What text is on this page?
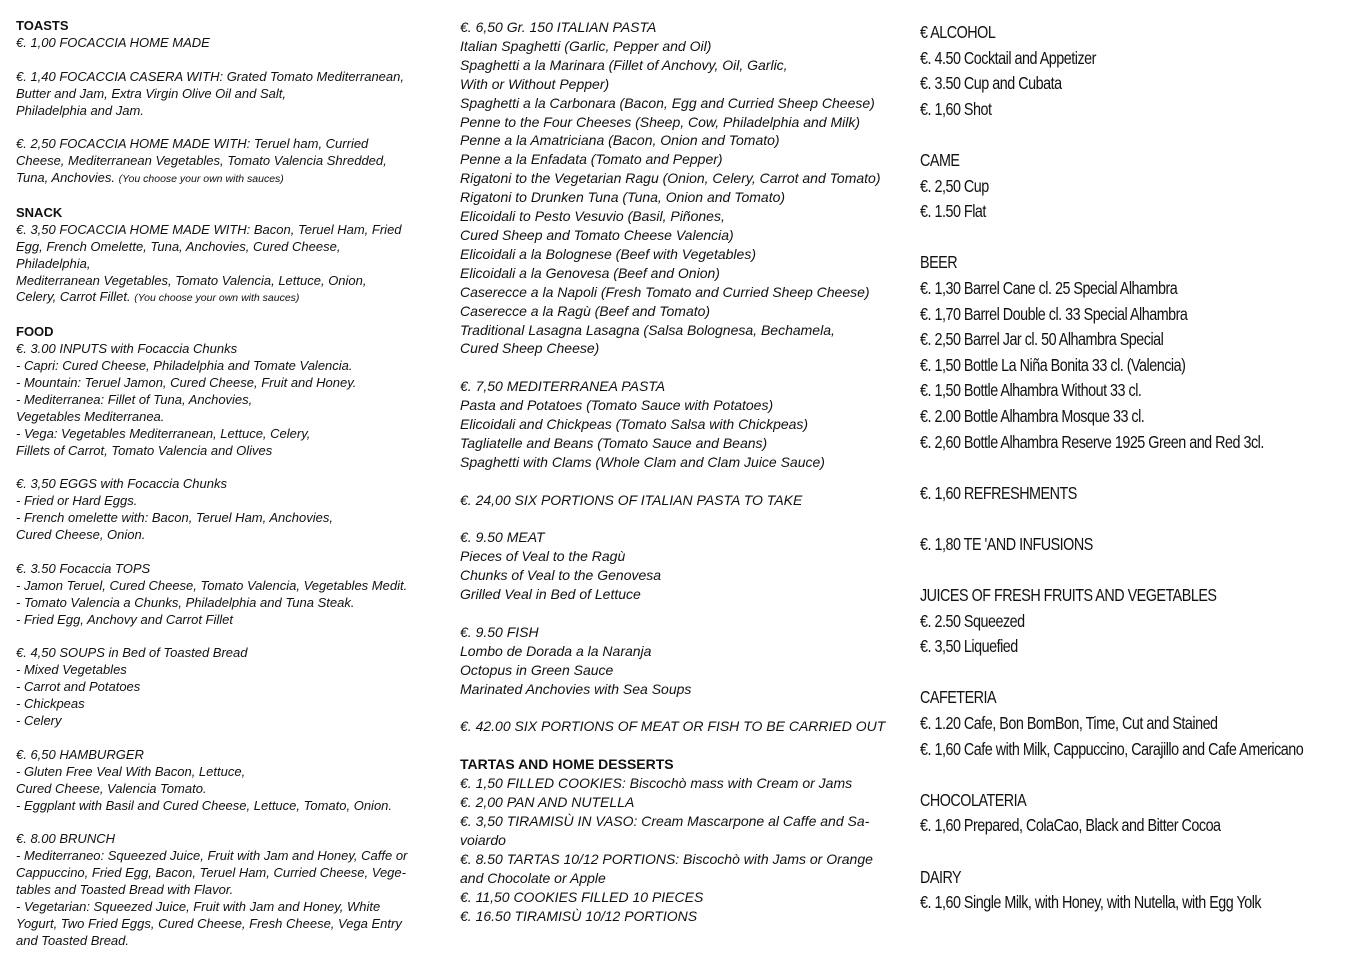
TOASTS
€. 1,00 FOCACCIA HOME MADE
€. 1,40 FOCACCIA CASERA WITH: Grated Tomato Mediterranean,
Butter and Jam, Extra Virgin Olive Oil and Salt,
Philadelphia and Jam.
€. 2,50 FOCACCIA HOME MADE WITH: Teruel ham, Curried
Cheese, Mediterranean Vegetables, Tomato Valencia Shredded,
Tuna, Anchovies. (You choose your own with sauces)
SNACK
€. 3,50 FOCACCIA HOME MADE WITH: Bacon, Teruel Ham, Fried
Egg, French Omelette, Tuna, Anchovies, Cured Cheese,
Philadelphia,
Mediterranean Vegetables, Tomato Valencia, Lettuce, Onion,
Celery, Carrot Fillet. (You choose your own with sauces)
FOOD
€. 3.00 INPUTS with Focaccia Chunks
- Capri: Cured Cheese, Philadelphia and Tomate Valencia.
- Mountain: Teruel Jamon, Cured Cheese, Fruit and Honey.
- Mediterranea: Fillet of Tuna, Anchovies,
Vegetables Mediterranea.
- Vega: Vegetables Mediterranean, Lettuce, Celery,
Fillets of Carrot, Tomato Valencia and Olives
€. 3,50 EGGS with Focaccia Chunks
- Fried or Hard Eggs.
- French omelette with: Bacon, Teruel Ham, Anchovies,
Cured Cheese, Onion.
€. 3.50 Focaccia TOPS
- Jamon Teruel, Cured Cheese, Tomato Valencia, Vegetables Medit.
- Tomato Valencia a Chunks, Philadelphia and Tuna Steak.
- Fried Egg, Anchovy and Carrot Fillet
€. 4,50 SOUPS in Bed of Toasted Bread
- Mixed Vegetables
- Carrot and Potatoes
- Chickpeas
- Celery
€. 6,50 HAMBURGER
- Gluten Free Veal With Bacon, Lettuce,
Cured Cheese, Valencia Tomato.
- Eggplant with Basil and Cured Cheese, Lettuce, Tomato, Onion.
€. 8.00 BRUNCH
- Mediterraneo: Squeezed Juice, Fruit with Jam and Honey, Caffe or
Cappuccino, Fried Egg, Bacon, Teruel Ham, Curried Cheese, Vege-
tables and Toasted Bread with Flavor.
- Vegetarian: Squeezed Juice, Fruit with Jam and Honey, White
Yogurt, Two Fried Eggs, Cured Cheese, Fresh Cheese, Vega Entry
and Toasted Bread.
€. 6,50 Gr. 150 ITALIAN PASTA
Italian Spaghetti (Garlic, Pepper and Oil)
Spaghetti a la Marinara (Fillet of Anchovy, Oil, Garlic,
With or Without Pepper)
Spaghetti a la Carbonara (Bacon, Egg and Curried Sheep Cheese)
Penne to the Four Cheeses (Sheep, Cow, Philadelphia and Milk)
Penne a la Amatriciana (Bacon, Onion and Tomato)
Penne a la Enfadata (Tomato and Pepper)
Rigatoni to the Vegetarian Ragu (Onion, Celery, Carrot and Tomato)
Rigatoni to Drunken Tuna (Tuna, Onion and Tomato)
Elicoidali to Pesto Vesuvio (Basil, Piñones,
Cured Sheep and Tomato Cheese Valencia)
Elicoidali a la Bolognese (Beef with Vegetables)
Elicoidali a la Genovesa (Beef and Onion)
Caserecce a la Napoli (Fresh Tomato and Curried Sheep Cheese)
Caserecce a la Ragù (Beef and Tomato)
Traditional Lasagna Lasagna (Salsa Bolognesa, Bechamela,
Cured Sheep Cheese)
€. 7,50 MEDITERRANEA PASTA
Pasta and Potatoes (Tomato Sauce with Potatoes)
Elicoidali and Chickpeas (Tomato Salsa with Chickpeas)
Tagliatelle and Beans (Tomato Sauce and Beans)
Spaghetti with Clams (Whole Clam and Clam Juice Sauce)
€. 24,00 SIX PORTIONS OF ITALIAN PASTA TO TAKE
€. 9.50 MEAT
Pieces of Veal to the Ragù
Chunks of Veal to the Genovesa
Grilled Veal in Bed of Lettuce
€. 9.50 FISH
Lombo de Dorada a la Naranja
Octopus in Green Sauce
Marinated Anchovies with Sea Soups
€. 42.00 SIX PORTIONS OF MEAT OR FISH TO BE CARRIED OUT
TARTAS AND HOME DESSERTS
€. 1,50 FILLED COOKIES: Biscochò mass with Cream or Jams
€. 2,00 PAN AND NUTELLA
€. 3,50 TIRAMISÙ IN VASO: Cream Mascarpone al Caffe and Sa-
voiardo
€. 8.50 TARTAS 10/12 PORTIONS: Biscochò with Jams or Orange
and Chocolate or Apple
€. 11,50 COOKIES FILLED 10 PIECES
€. 16.50 TIRAMISÙ 10/12 PORTIONS
€ ALCOHOL
€. 4.50 Cocktail and Appetizer
€. 3.50 Cup and Cubata
€. 1,60 Shot
CAME
€. 2,50 Cup
€. 1.50 Flat
BEER
€. 1,30 Barrel Cane cl. 25 Special Alhambra
€. 1,70 Barrel Double cl. 33 Special Alhambra
€. 2,50 Barrel Jar cl. 50 Alhambra Special
€. 1,50 Bottle La Niña Bonita 33 cl. (Valencia)
€. 1,50 Bottle Alhambra Without 33 cl.
€. 2.00 Bottle Alhambra Mosque 33 cl.
€. 2,60 Bottle Alhambra Reserve 1925 Green and Red 3cl.
€. 1,60 REFRESHMENTS
€. 1,80 TE 'AND INFUSIONS
JUICES OF FRESH FRUITS AND VEGETABLES
€. 2.50 Squeezed
€. 3,50 Liquefied
CAFETERIA
€. 1.20 Cafe, Bon BomBon, Time, Cut and Stained
€. 1,60 Cafe with Milk, Cappuccino, Carajillo and Cafe Americano
CHOCOLATERIA
€. 1,60 Prepared, ColaCao, Black and Bitter Cocoa
DAIRY
€. 1,60 Single Milk, with Honey, with Nutella, with Egg Yolk
